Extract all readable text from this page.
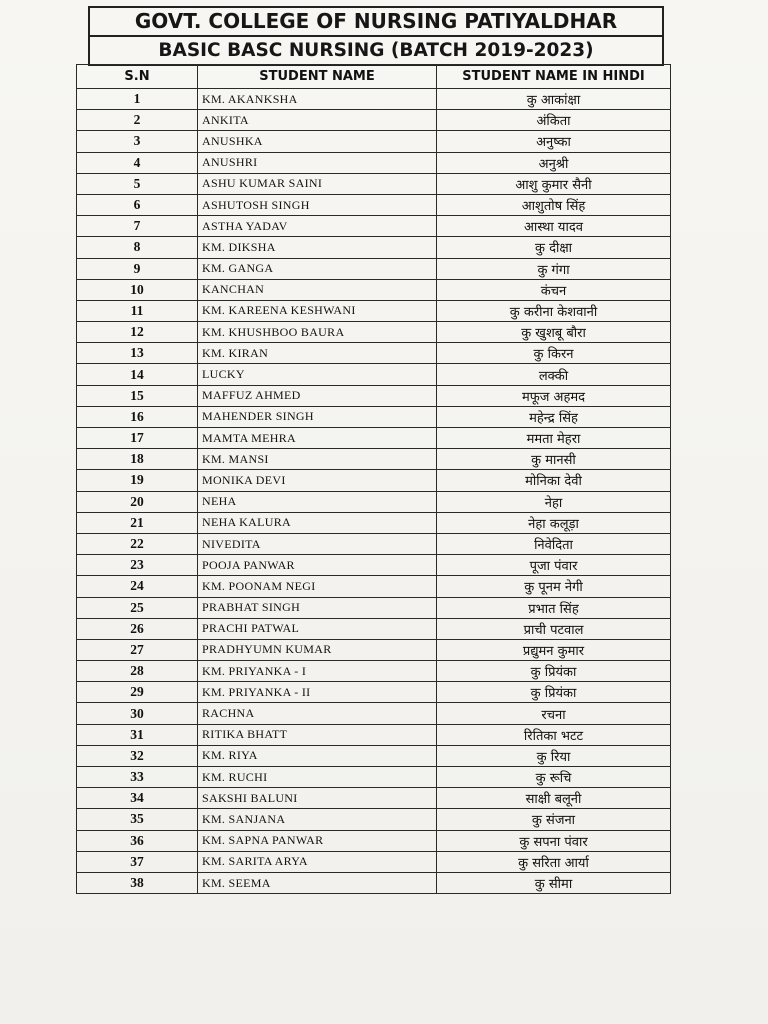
GOVT. COLLEGE OF NURSING PATIYALDHAR
BASIC BASC NURSING (BATCH 2019-2023)
S.N	STUDENT NAME	STUDENT NAME IN HINDI
1	KM. AKANKSHA	कु आकांक्षा
2	ANKITA	अंकिता
3	ANUSHKA	अनुष्का
4	ANUSHRI	अनुश्री
5	ASHU KUMAR SAINI	आशु कुमार सैनी
6	ASHUTOSH SINGH	आशुतोष सिंह
7	ASTHA YADAV	आस्था यादव
8	KM. DIKSHA	कु दीक्षा
9	KM. GANGA	कु गंगा
10	KANCHAN	कंचन
11	KM. KAREENA KESHWANI	कु करीना केशवानी
12	KM. KHUSHBOO BAURA	कु खुशबू बौरा
13	KM. KIRAN	कु किरन
14	LUCKY	लक्की
15	MAFFUZ AHMED	मफूज अहमद
16	MAHENDER SINGH	महेन्द्र सिंह
17	MAMTA MEHRA	ममता मेहरा
18	KM. MANSI	कु मानसी
19	MONIKA DEVI	मोनिका देवी
20	NEHA	नेहा
21	NEHA KALURA	नेहा कलूड़ा
22	NIVEDITA	निवेदिता
23	POOJA PANWAR	पूजा पंवार
24	KM. POONAM NEGI	कु पूनम नेगी
25	PRABHAT SINGH	प्रभात सिंह
26	PRACHI PATWAL	प्राची पटवाल
27	PRADHYUMN KUMAR	प्रद्युमन कुमार
28	KM. PRIYANKA - I	कु प्रियंका
29	KM. PRIYANKA - II	कु प्रियंका
30	RACHNA	रचना
31	RITIKA BHATT	रितिका भटट
32	KM. RIYA	कु रिया
33	KM. RUCHI	कु रूचि
34	SAKSHI BALUNI	साक्षी बलूनी
35	KM. SANJANA	कु संजना
36	KM. SAPNA PANWAR	कु सपना पंवार
37	KM. SARITA ARYA	कु सरिता आर्या
38	KM. SEEMA	कु सीमा
